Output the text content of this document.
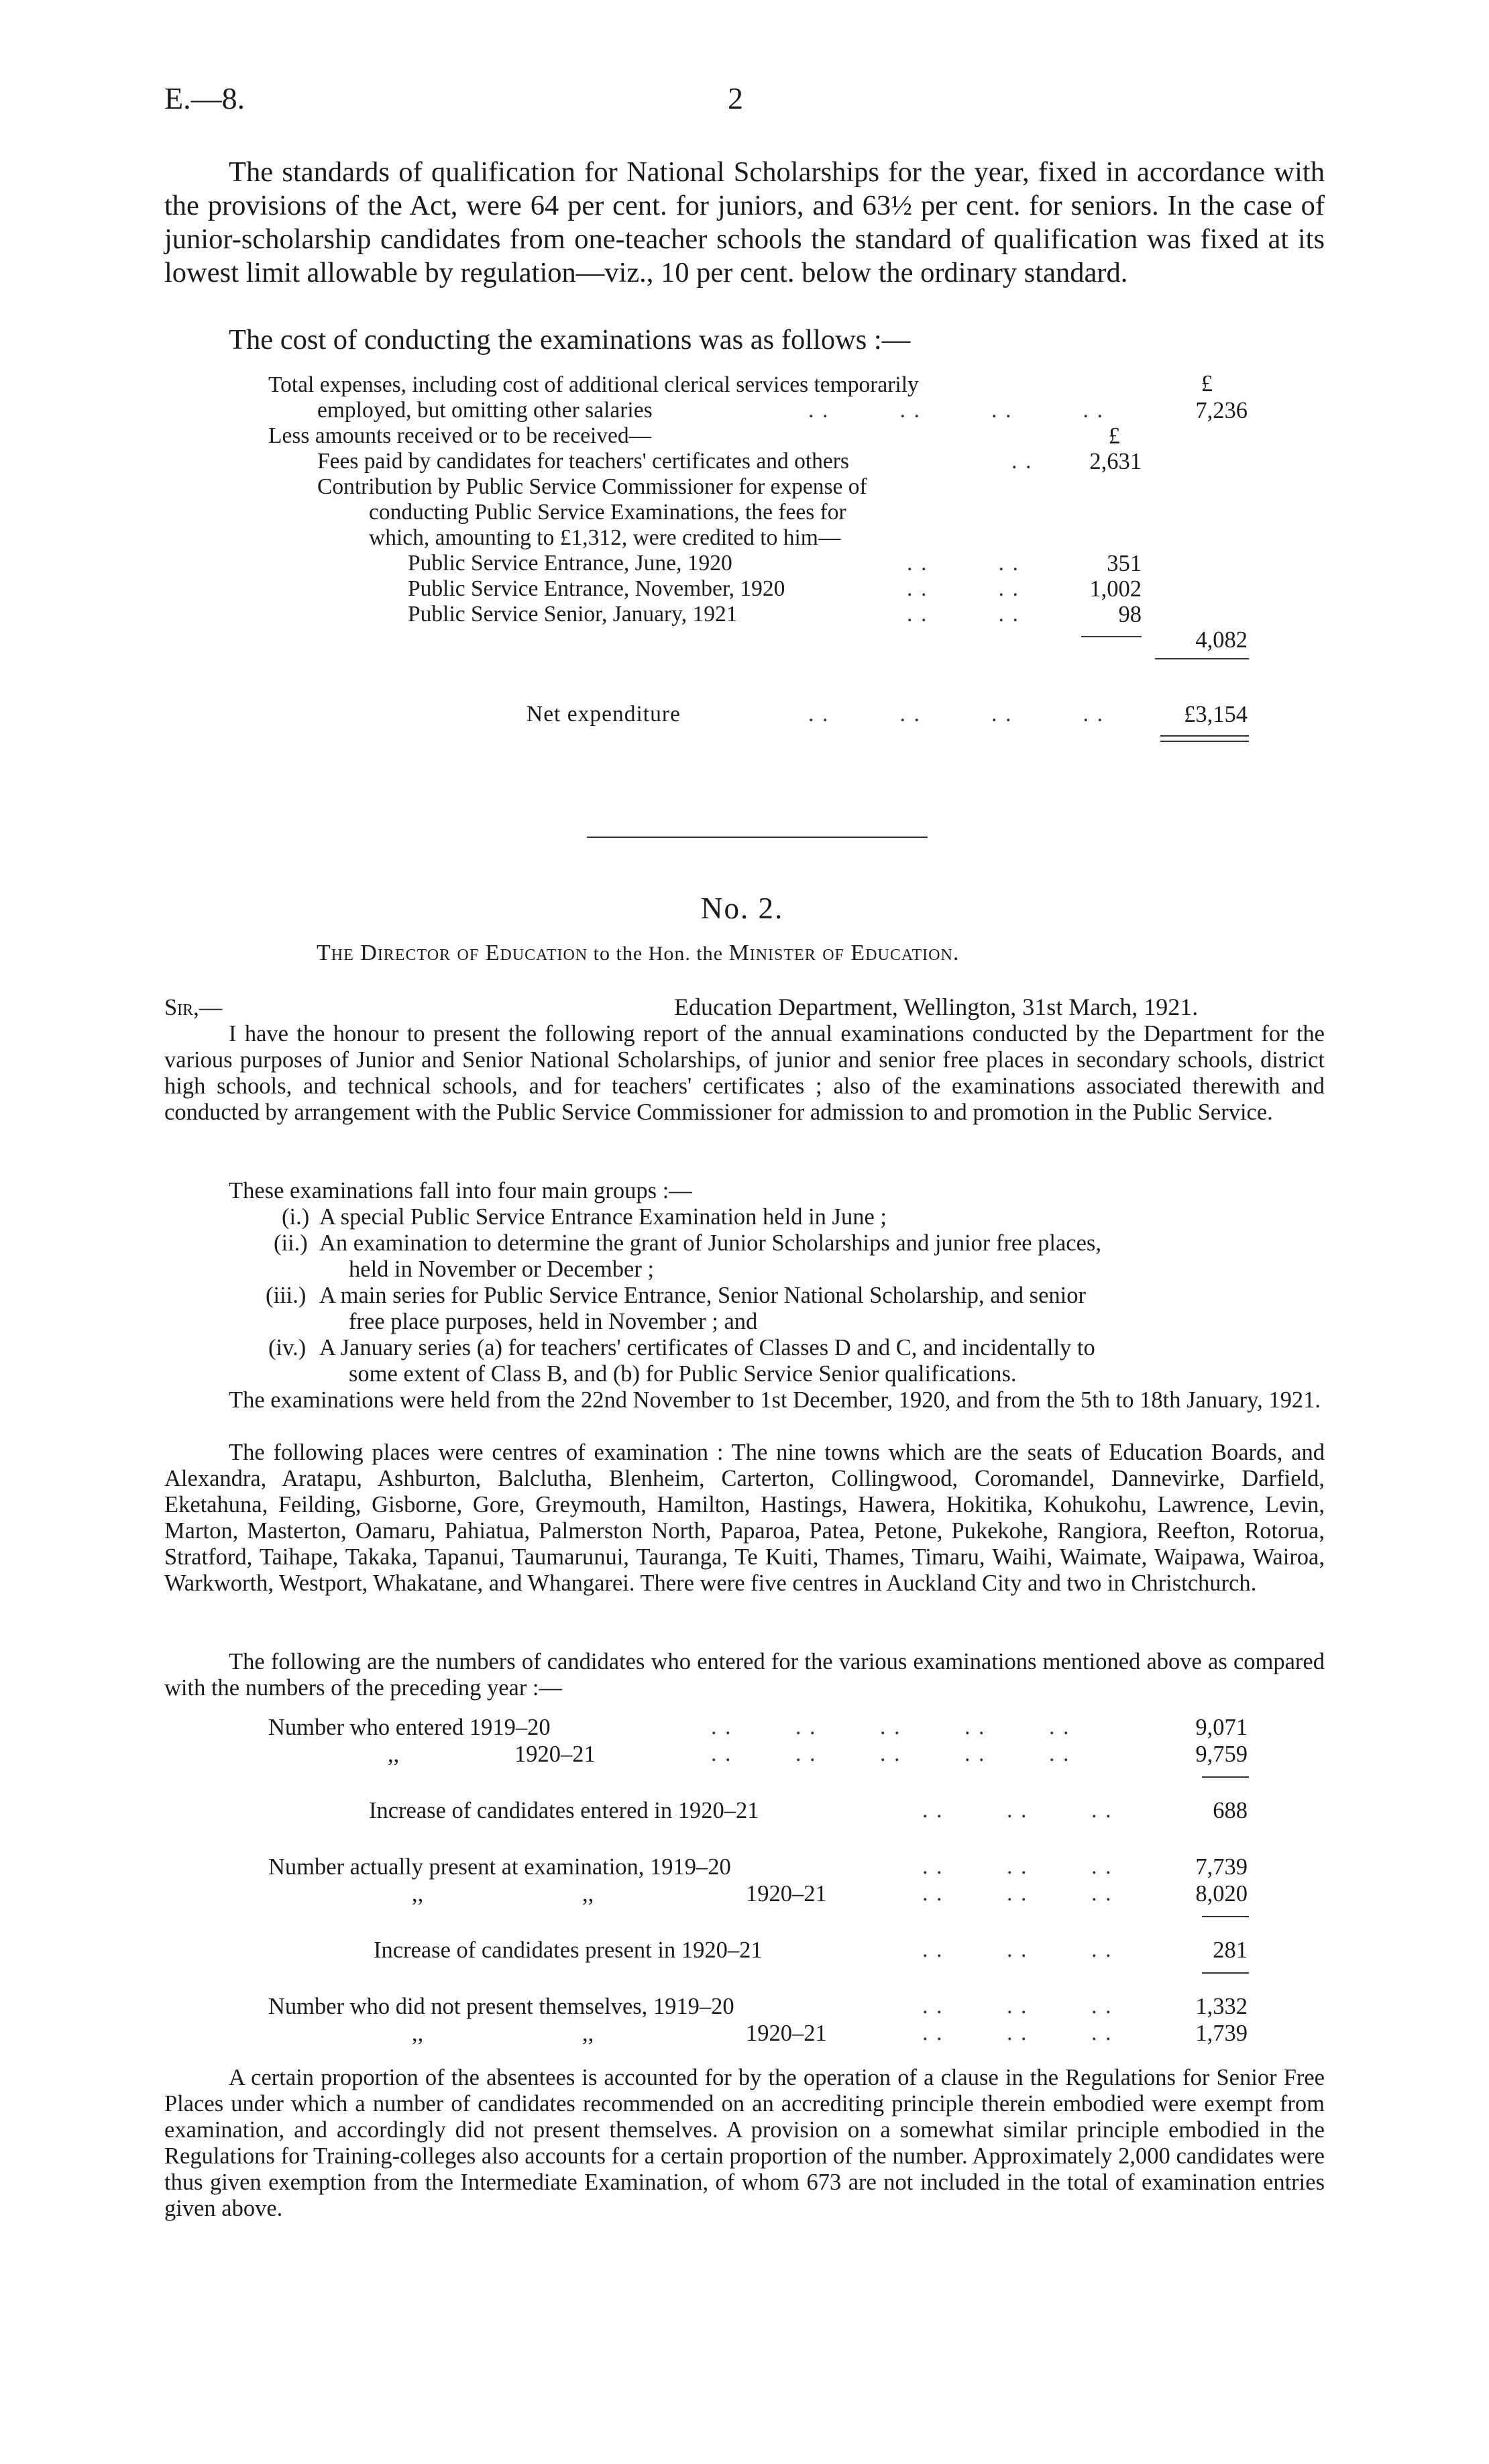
E.—8.	2

The standards of qualification for National Scholarships for the year, fixed in accordance with the provisions of the Act, were 64 per cent. for juniors, and 63½ per cent. for seniors. In the case of junior-scholarship candidates from one-teacher schools the standard of qualification was fixed at its lowest limit allowable by regulation—viz., 10 per cent. below the ordinary standard.

The cost of conducting the examinations was as follows :—

Total expenses, including cost of additional clerical services temporarily	£
employed, but omitting other salaries	. .          . .          . .          . .	7,236
Less amounts received or to be received—	£
Fees paid by candidates for teachers' certificates and others	. .	2,631
Contribution by Public Service Commissioner for expense of
conducting Public Service Examinations, the fees for
which, amounting to £1,312, were credited to him—
Public Service Entrance, June, 1920	. .          . .	351
Public Service Entrance, November, 1920	. .          . .	1,002
Public Service Senior, January, 1921	. .          . .	98
4,082
Net expenditure	. .          . .          . .          . .	£3,154
No. 2.
The Director of Education to the Hon. the Minister of Education.
Sir,—	Education Department, Wellington, 31st March, 1921.

I have the honour to present the following report of the annual examinations conducted by the Department for the various purposes of Junior and Senior National Scholarships, of junior and senior free places in secondary schools, district high schools, and technical schools, and for teachers' certificates ; also of the examinations associated therewith and conducted by arrangement with the Public Service Commissioner for admission to and promotion in the Public Service.

These examinations fall into four main groups :—

(i.) A special Public Service Entrance Examination held in June ;
(ii.) An examination to determine the grant of Junior Scholarships and junior free places,
held in November or December ;
(iii.) A main series for Public Service Entrance, Senior National Scholarship, and senior
free place purposes, held in November ; and
(iv.) A January series (a) for teachers' certificates of Classes D and C, and incidentally to
some extent of Class B, and (b) for Public Service Senior qualifications.

The examinations were held from the 22nd November to 1st December, 1920, and from the 5th to 18th January, 1921.

The following places were centres of examination : The nine towns which are the seats of Education Boards, and Alexandra, Aratapu, Ashburton, Balclutha, Blenheim, Carterton, Collingwood, Coromandel, Dannevirke, Darfield, Eketahuna, Feilding, Gisborne, Gore, Greymouth, Hamilton, Hastings, Hawera, Hokitika, Kohukohu, Lawrence, Levin, Marton, Masterton, Oamaru, Pahiatua, Palmerston North, Paparoa, Patea, Petone, Pukekohe, Rangiora, Reefton, Rotorua, Stratford, Taihape, Takaka, Tapanui, Taumarunui, Tauranga, Te Kuiti, Thames, Timaru, Waihi, Waimate, Waipawa, Wairoa, Warkworth, Westport, Whakatane, and Whangarei. There were five centres in Auckland City and two in Christchurch.

The following are the numbers of candidates who entered for the various examinations mentioned above as compared with the numbers of the preceding year :—

Number who entered 1919–20	. .         . .         . .         . .         . .	9,071
,,	1920–21	. .         . .         . .         . .         . .	9,759
Increase of candidates entered in 1920–21	. .         . .         . .	688
Number actually present at examination, 1919–20	. .         . .         . .	7,739
,,	,,	1920–21	. .         . .         . .	8,020
Increase of candidates present in 1920–21	. .         . .         . .	281
Number who did not present themselves, 1919–20	. .         . .         . .	1,332
,,	,,	1920–21	. .         . .         . .	1,739

A certain proportion of the absentees is accounted for by the operation of a clause in the Regulations for Senior Free Places under which a number of candidates recommended on an accrediting principle therein embodied were exempt from examination, and accordingly did not present themselves. A provision on a somewhat similar principle embodied in the Regulations for Training-colleges also accounts for a certain proportion of the number. Approximately 2,000 candidates were thus given exemption from the Intermediate Examination, of whom 673 are not included in the total of examination entries given above.
